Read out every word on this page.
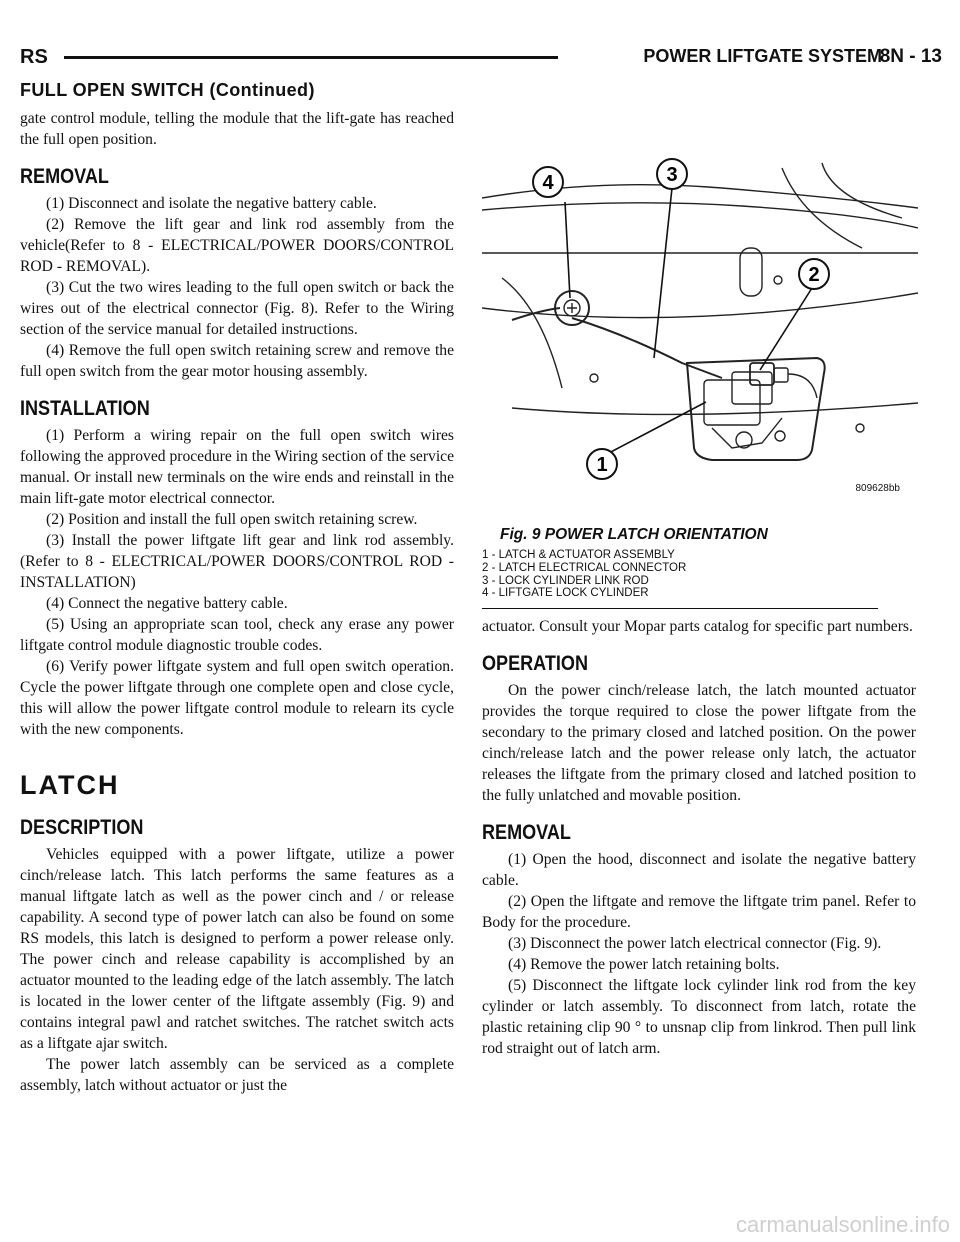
RS	POWER LIFTGATE SYSTEM
8N - 13
FULL OPEN SWITCH (Continued)

gate control module, telling the module that the lift-gate has reached the full open position.

REMOVAL

(1) Disconnect and isolate the negative battery cable.

(2) Remove the lift gear and link rod assembly from the vehicle(Refer to 8 - ELECTRICAL/POWER DOORS/CONTROL ROD - REMOVAL).

(3) Cut the two wires leading to the full open switch or back the wires out of the electrical connector (Fig. 8). Refer to the Wiring section of the service manual for detailed instructions.

(4) Remove the full open switch retaining screw and remove the full open switch from the gear motor housing assembly.

INSTALLATION

(1) Perform a wiring repair on the full open switch wires following the approved procedure in the Wiring section of the service manual. Or install new terminals on the wire ends and reinstall in the main lift-gate motor electrical connector.

(2) Position and install the full open switch retaining screw.

(3) Install the power liftgate lift gear and link rod assembly. (Refer to 8 - ELECTRICAL/POWER DOORS/CONTROL ROD - INSTALLATION)

(4) Connect the negative battery cable.

(5) Using an appropriate scan tool, check any erase any power liftgate control module diagnostic trouble codes.

(6) Verify power liftgate system and full open switch operation. Cycle the power liftgate through one complete open and close cycle, this will allow the power liftgate control module to relearn its cycle with the new components.

LATCH
DESCRIPTION

Vehicles equipped with a power liftgate, utilize a power cinch/release latch. This latch performs the same features as a manual liftgate latch as well as the power cinch and / or release capability. A second type of power latch can also be found on some RS models, this latch is designed to perform a power release only. The power cinch and release capability is accomplished by an actuator mounted to the leading edge of the latch assembly. The latch is located in the lower center of the liftgate assembly (Fig. 9) and contains integral pawl and ratchet switches. The ratchet switch acts as a liftgate ajar switch.

The power latch assembly can be serviced as a complete assembly, latch without actuator or just the

4	3
2
1
809628bb
Fig. 9 POWER LATCH ORIENTATION
1 - LATCH & ACTUATOR ASSEMBLY
2 - LATCH ELECTRICAL CONNECTOR
3 - LOCK CYLINDER LINK ROD
4 - LIFTGATE LOCK CYLINDER

actuator. Consult your Mopar parts catalog for specific part numbers.

OPERATION

On the power cinch/release latch, the latch mounted actuator provides the torque required to close the power liftgate from the secondary to the primary closed and latched position. On the power cinch/release latch and the power release only latch, the actuator releases the liftgate from the primary closed and latched position to the fully unlatched and movable position.

REMOVAL

(1) Open the hood, disconnect and isolate the negative battery cable.

(2) Open the liftgate and remove the liftgate trim panel. Refer to Body for the procedure.

(3) Disconnect the power latch electrical connector (Fig. 9).

(4) Remove the power latch retaining bolts.

(5) Disconnect the liftgate lock cylinder link rod from the key cylinder or latch assembly. To disconnect from latch, rotate the plastic retaining clip 90 ° to unsnap clip from linkrod. Then pull link rod straight out of latch arm.

carmanualsonline.info
